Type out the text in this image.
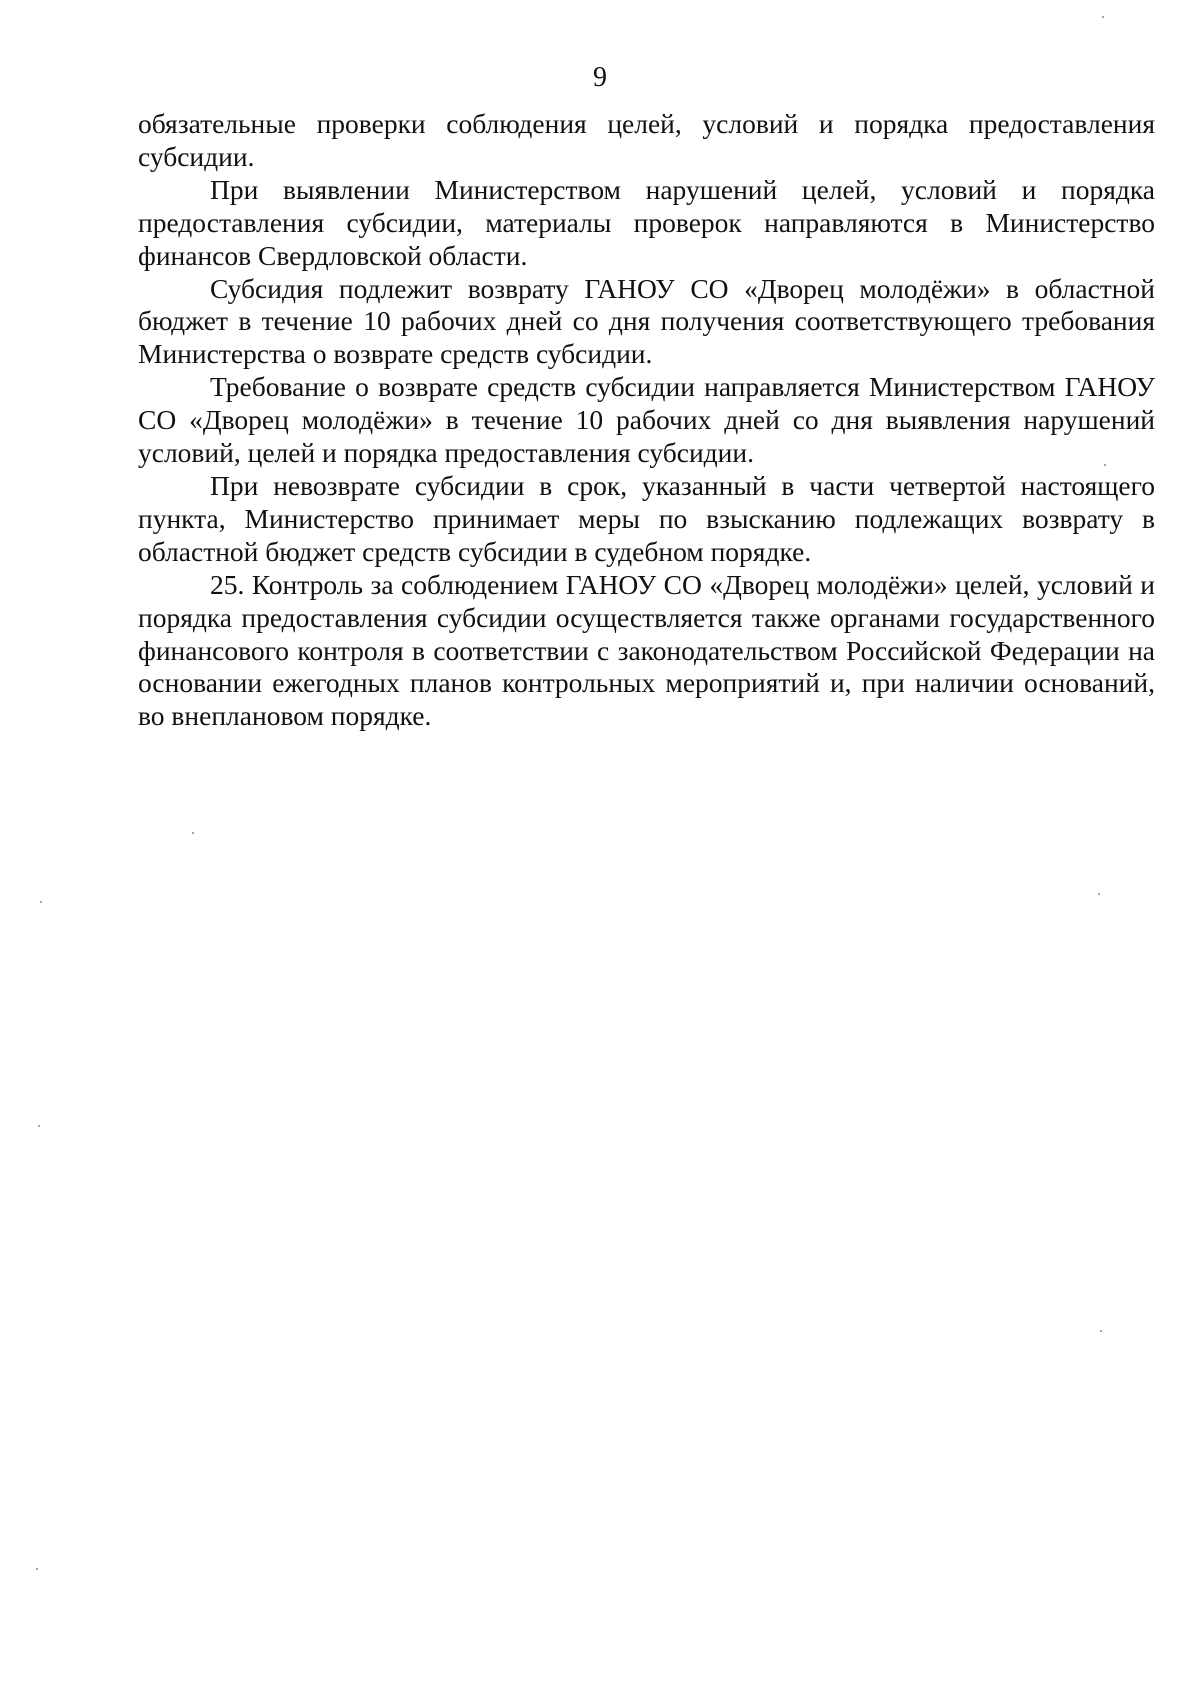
9

обязательные проверки соблюдения целей, условий и порядка предоставления субсидии.

При выявлении Министерством нарушений целей, условий и порядка предоставления субсидии, материалы проверок направляются в Министерство финансов Свердловской области.

Субсидия подлежит возврату ГАНОУ СО «Дворец молодёжи» в областной бюджет в течение 10 рабочих дней со дня получения соответствующего требования Министерства о возврате средств субсидии.

Требование о возврате средств субсидии направляется Министерством ГАНОУ СО «Дворец молодёжи» в течение 10 рабочих дней со дня выявления нарушений условий, целей и порядка предоставления субсидии.

При невозврате субсидии в срок, указанный в части четвертой настоящего пункта, Министерство принимает меры по взысканию подлежащих возврату в областной бюджет средств субсидии в судебном порядке.

25. Контроль за соблюдением ГАНОУ СО «Дворец молодёжи» целей, условий и порядка предоставления субсидии осуществляется также органами государственного финансового контроля в соответствии с законодательством Российской Федерации на основании ежегодных планов контрольных мероприятий и, при наличии оснований, во внеплановом порядке.
